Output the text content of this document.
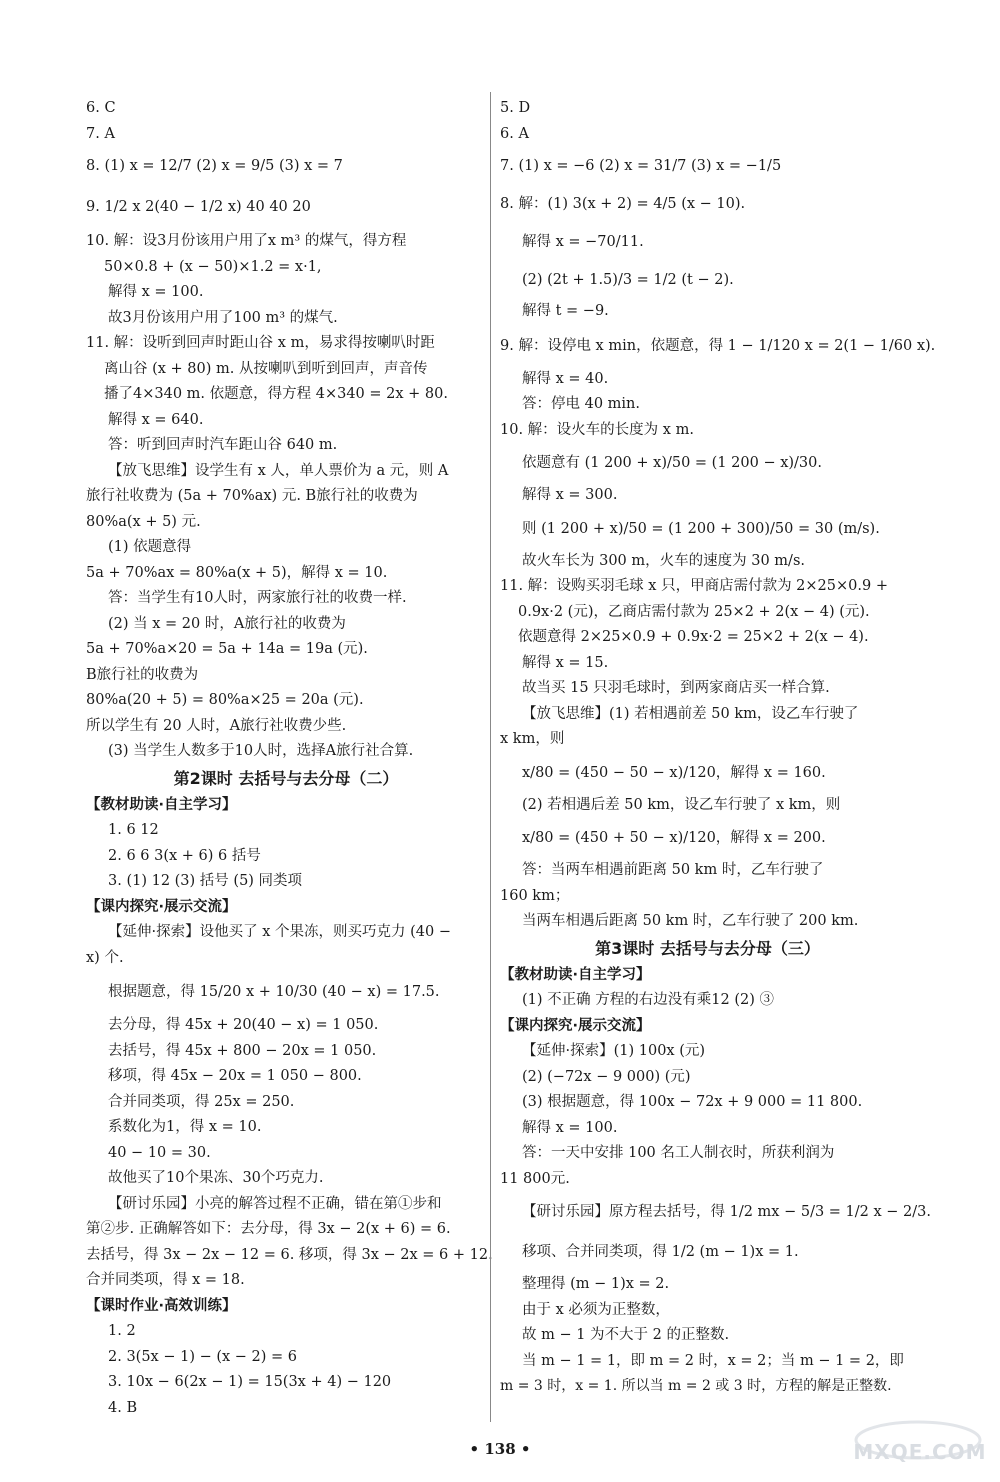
6. C
7. A
8. (1) x = 12/7 (2) x = 9/5 (3) x = 7
9. 1/2 x 2(40 − 1/2 x) 40 40 20
10. 解：设3月份该用户用了x m³ 的煤气，得方程
50×0.8 + (x − 50)×1.2 = x·1,
解得 x = 100.
故3月份该用户用了100 m³ 的煤气.
11. 解：设听到回声时距山谷 x m，易求得按喇叭时距
离山谷 (x + 80) m. 从按喇叭到听到回声，声音传
播了4×340 m. 依题意，得方程 4×340 = 2x + 80.
解得 x = 640.
答：听到回声时汽车距山谷 640 m.
【放飞思维】设学生有 x 人，单人票价为 a 元，则 A
旅行社收费为 (5a + 70%ax) 元. B旅行社的收费为
80%a(x + 5) 元.
(1) 依题意得
5a + 70%ax = 80%a(x + 5)，解得 x = 10.
答：当学生有10人时，两家旅行社的收费一样.
(2) 当 x = 20 时，A旅行社的收费为
5a + 70%a×20 = 5a + 14a = 19a (元).
B旅行社的收费为
80%a(20 + 5) = 80%a×25 = 20a (元).
所以学生有 20 人时，A旅行社收费少些.
(3) 当学生人数多于10人时，选择A旅行社合算.
第2课时 去括号与去分母（二）
【教材助读·自主学习】
1. 6 12
2. 6 6 3(x + 6) 6 括号
3. (1) 12 (3) 括号 (5) 同类项
【课内探究·展示交流】
【延伸·探索】设他买了 x 个果冻，则买巧克力 (40 −
x) 个.
根据题意，得 15/20 x + 10/30 (40 − x) = 17.5.
去分母，得 45x + 20(40 − x) = 1 050.
去括号，得 45x + 800 − 20x = 1 050.
移项，得 45x − 20x = 1 050 − 800.
合并同类项，得 25x = 250.
系数化为1，得 x = 10.
40 − 10 = 30.
故他买了10个果冻、30个巧克力.
【研讨乐园】小亮的解答过程不正确，错在第①步和
第②步. 正确解答如下：去分母，得 3x − 2(x + 6) = 6.
去括号，得 3x − 2x − 12 = 6. 移项，得 3x − 2x = 6 + 12.
合并同类项，得 x = 18.
【课时作业·高效训练】
1. 2
2. 3(5x − 1) − (x − 2) = 6
3. 10x − 6(2x − 1) = 15(3x + 4) − 120
4. B
5. D
6. A
7. (1) x = −6 (2) x = 31/7 (3) x = −1/5
8. 解：(1) 3(x + 2) = 4/5 (x − 10).
解得 x = −70/11.
(2) (2t + 1.5)/3 = 1/2 (t − 2).
解得 t = −9.
9. 解：设停电 x min，依题意，得 1 − 1/120 x = 2(1 − 1/60 x).
解得 x = 40.
答：停电 40 min.
10. 解：设火车的长度为 x m.
依题意有 (1 200 + x)/50 = (1 200 − x)/30.
解得 x = 300.
则 (1 200 + x)/50 = (1 200 + 300)/50 = 30 (m/s).
故火车长为 300 m，火车的速度为 30 m/s.
11. 解：设购买羽毛球 x 只，甲商店需付款为 2×25×0.9 +
0.9x·2 (元)，乙商店需付款为 25×2 + 2(x − 4) (元).
依题意得 2×25×0.9 + 0.9x·2 = 25×2 + 2(x − 4).
解得 x = 15.
故当买 15 只羽毛球时，到两家商店买一样合算.
【放飞思维】(1) 若相遇前差 50 km，设乙车行驶了
x km，则
x/80 = (450 − 50 − x)/120，解得 x = 160.
(2) 若相遇后差 50 km，设乙车行驶了 x km，则
x/80 = (450 + 50 − x)/120，解得 x = 200.
答：当两车相遇前距离 50 km 时，乙车行驶了
160 km；
当两车相遇后距离 50 km 时，乙车行驶了 200 km.
第3课时 去括号与去分母（三）
【教材助读·自主学习】
(1) 不正确 方程的右边没有乘12 (2) ③
【课内探究·展示交流】
【延伸·探索】(1) 100x (元)
(2) (−72x − 9 000) (元)
(3) 根据题意，得 100x − 72x + 9 000 = 11 800.
解得 x = 100.
答：一天中安排 100 名工人制衣时，所获利润为
11 800元.
【研讨乐园】原方程去括号，得 1/2 mx − 5/3 = 1/2 x − 2/3.
移项、合并同类项，得 1/2 (m − 1)x = 1.
整理得 (m − 1)x = 2.
由于 x 必须为正整数，
故 m − 1 为不大于 2 的正整数.
当 m − 1 = 1，即 m = 2 时，x = 2；当 m − 1 = 2，即
m = 3 时，x = 1. 所以当 m = 2 或 3 时，方程的解是正整数.
• 138 •	MXQE.COM
